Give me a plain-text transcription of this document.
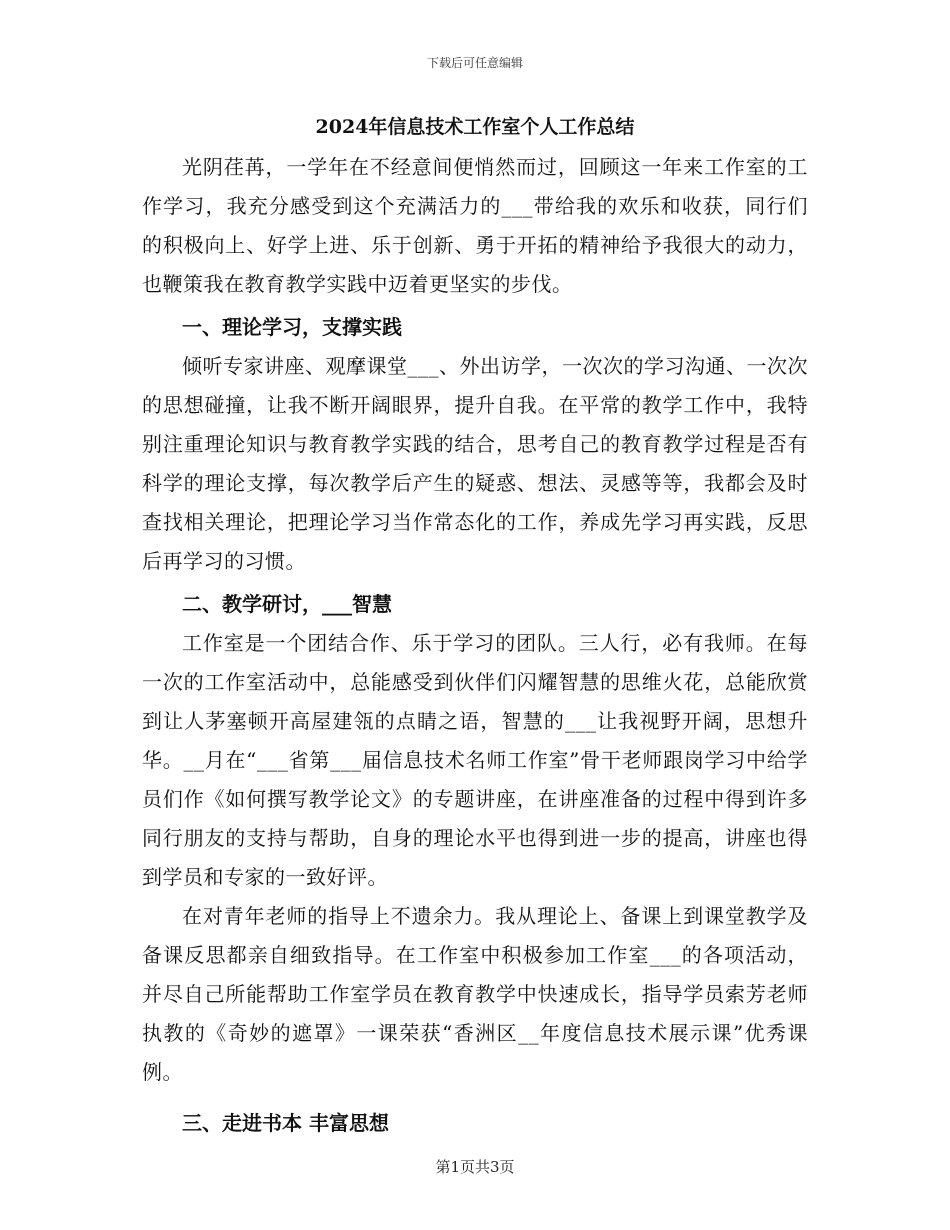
下载后可任意编辑
2024年信息技术工作室个人工作总结

光阴荏苒，一学年在不经意间便悄然而过，回顾这一年来工作室的工作学习，我充分感受到这个充满活力的___带给我的欢乐和收获，同行们的积极向上、好学上进、乐于创新、勇于开拓的精神给予我很大的动力，也鞭策我在教育教学实践中迈着更坚实的步伐。

一、理论学习，支撑实践

倾听专家讲座、观摩课堂___、外出访学，一次次的学习沟通、一次次的思想碰撞，让我不断开阔眼界，提升自我。在平常的教学工作中，我特别注重理论知识与教育教学实践的结合，思考自己的教育教学过程是否有科学的理论支撑，每次教学后产生的疑惑、想法、灵感等等，我都会及时查找相关理论，把理论学习当作常态化的工作，养成先学习再实践，反思后再学习的习惯。

二、教学研讨，___智慧

工作室是一个团结合作、乐于学习的团队。三人行，必有我师。在每一次的工作室活动中，总能感受到伙伴们闪耀智慧的思维火花，总能欣赏到让人茅塞顿开高屋建瓴的点睛之语，智慧的___让我视野开阔，思想升华。__月在“___省第___届信息技术名师工作室”骨干老师跟岗学习中给学员们作《如何撰写教学论文》的专题讲座，在讲座准备的过程中得到许多同行朋友的支持与帮助，自身的理论水平也得到进一步的提高，讲座也得到学员和专家的一致好评。

在对青年老师的指导上不遗余力。我从理论上、备课上到课堂教学及备课反思都亲自细致指导。在工作室中积极参加工作室___的各项活动，并尽自己所能帮助工作室学员在教育教学中快速成长，指导学员索芳老师执教的《奇妙的遮罩》一课荣获“香洲区__年度信息技术展示课”优秀课例。

三、走进书本 丰富思想
第1页共3页
